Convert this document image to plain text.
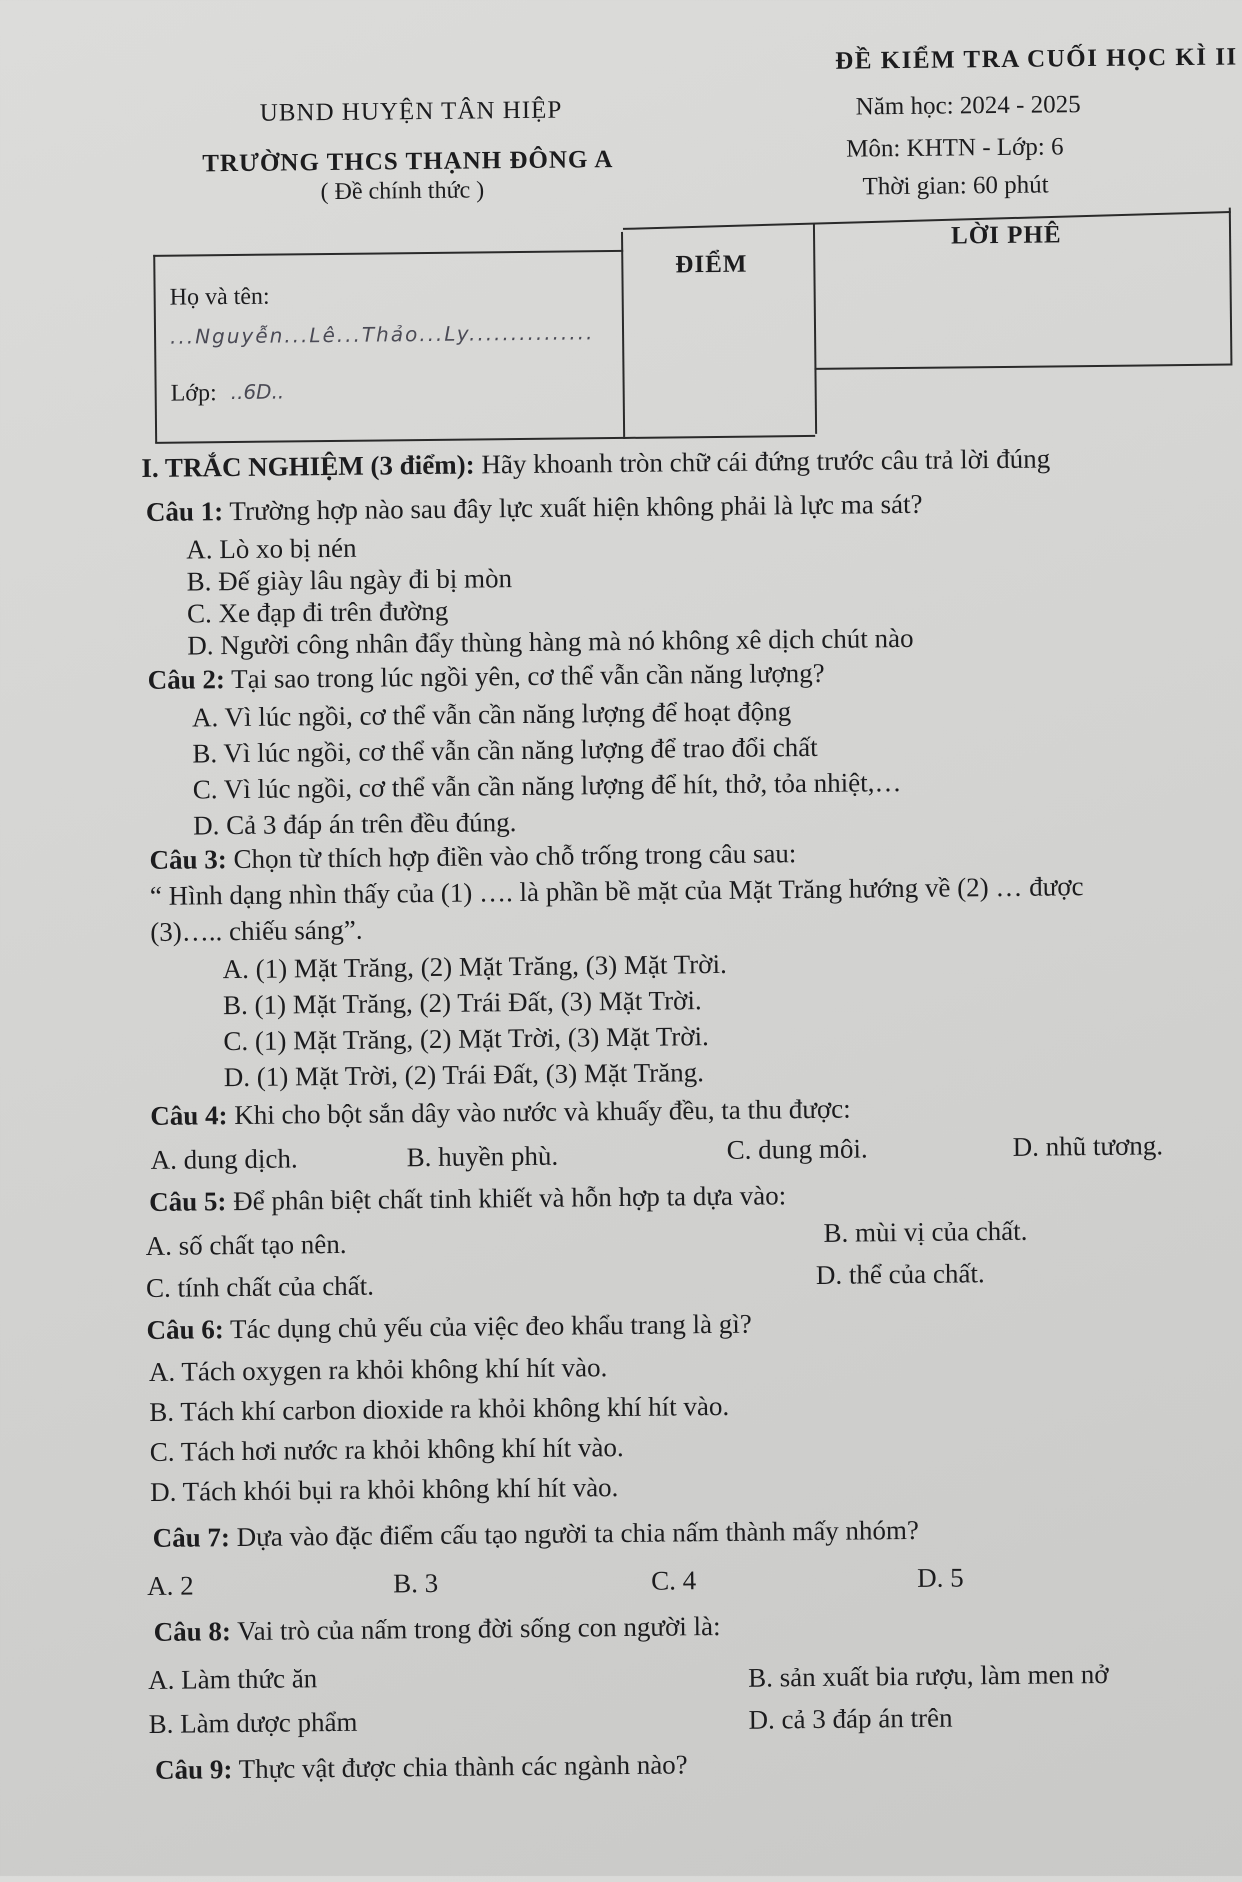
UBND HUYỆN TÂN HIỆP
TRƯỜNG THCS THẠNH ĐÔNG A
( Đề chính thức )
ĐỀ KIỂM TRA CUỐI HỌC KÌ II
Năm học: 2024 - 2025
Môn: KHTN - Lớp: 6
Thời gian: 60 phút
Họ và tên:
...Nguyễn...Lê...Thảo...Ly...............
Lớp: ..6D..
ĐIỂM
LỜI PHÊ
I. TRẮC NGHIỆM (3 điểm): Hãy khoanh tròn chữ cái đứng trước câu trả lời đúng
Câu 1: Trường hợp nào sau đây lực xuất hiện không phải là lực ma sát?
A. Lò xo bị nén
B. Đế giày lâu ngày đi bị mòn
C. Xe đạp đi trên đường
D. Người công nhân đẩy thùng hàng mà nó không xê dịch chút nào
Câu 2: Tại sao trong lúc ngồi yên, cơ thể vẫn cần năng lượng?
A. Vì lúc ngồi, cơ thể vẫn cần năng lượng để hoạt động
B. Vì lúc ngồi, cơ thể vẫn cần năng lượng để trao đổi chất
C. Vì lúc ngồi, cơ thể vẫn cần năng lượng để hít, thở, tỏa nhiệt,…
D. Cả 3 đáp án trên đều đúng.
Câu 3: Chọn từ thích hợp điền vào chỗ trống trong câu sau:
“ Hình dạng nhìn thấy của (1) …. là phần bề mặt của Mặt Trăng hướng về (2) … được
(3)….. chiếu sáng”.
A. (1) Mặt Trăng, (2) Mặt Trăng, (3) Mặt Trời.
B. (1) Mặt Trăng, (2) Trái Đất, (3) Mặt Trời.
C. (1) Mặt Trăng, (2) Mặt Trời, (3) Mặt Trời.
D. (1) Mặt Trời, (2) Trái Đất, (3) Mặt Trăng.
Câu 4: Khi cho bột sắn dây vào nước và khuấy đều, ta thu được:
A. dung dịch.	B. huyền phù.	C. dung môi.	D. nhũ tương.
Câu 5: Để phân biệt chất tinh khiết và hỗn hợp ta dựa vào:
A. số chất tạo nên.	B. mùi vị của chất.
C. tính chất của chất.	D. thể của chất.
Câu 6: Tác dụng chủ yếu của việc đeo khẩu trang là gì?
A. Tách oxygen ra khỏi không khí hít vào.
B. Tách khí carbon dioxide ra khỏi không khí hít vào.
C. Tách hơi nước ra khỏi không khí hít vào.
D. Tách khói bụi ra khỏi không khí hít vào.
Câu 7: Dựa vào đặc điểm cấu tạo người ta chia nấm thành mấy nhóm?
A. 2	B. 3	C. 4	D. 5
Câu 8: Vai trò của nấm trong đời sống con người là:
A. Làm thức ăn	B. sản xuất bia rượu, làm men nở
B. Làm dược phẩm	D. cả 3 đáp án trên
Câu 9: Thực vật được chia thành các ngành nào?
